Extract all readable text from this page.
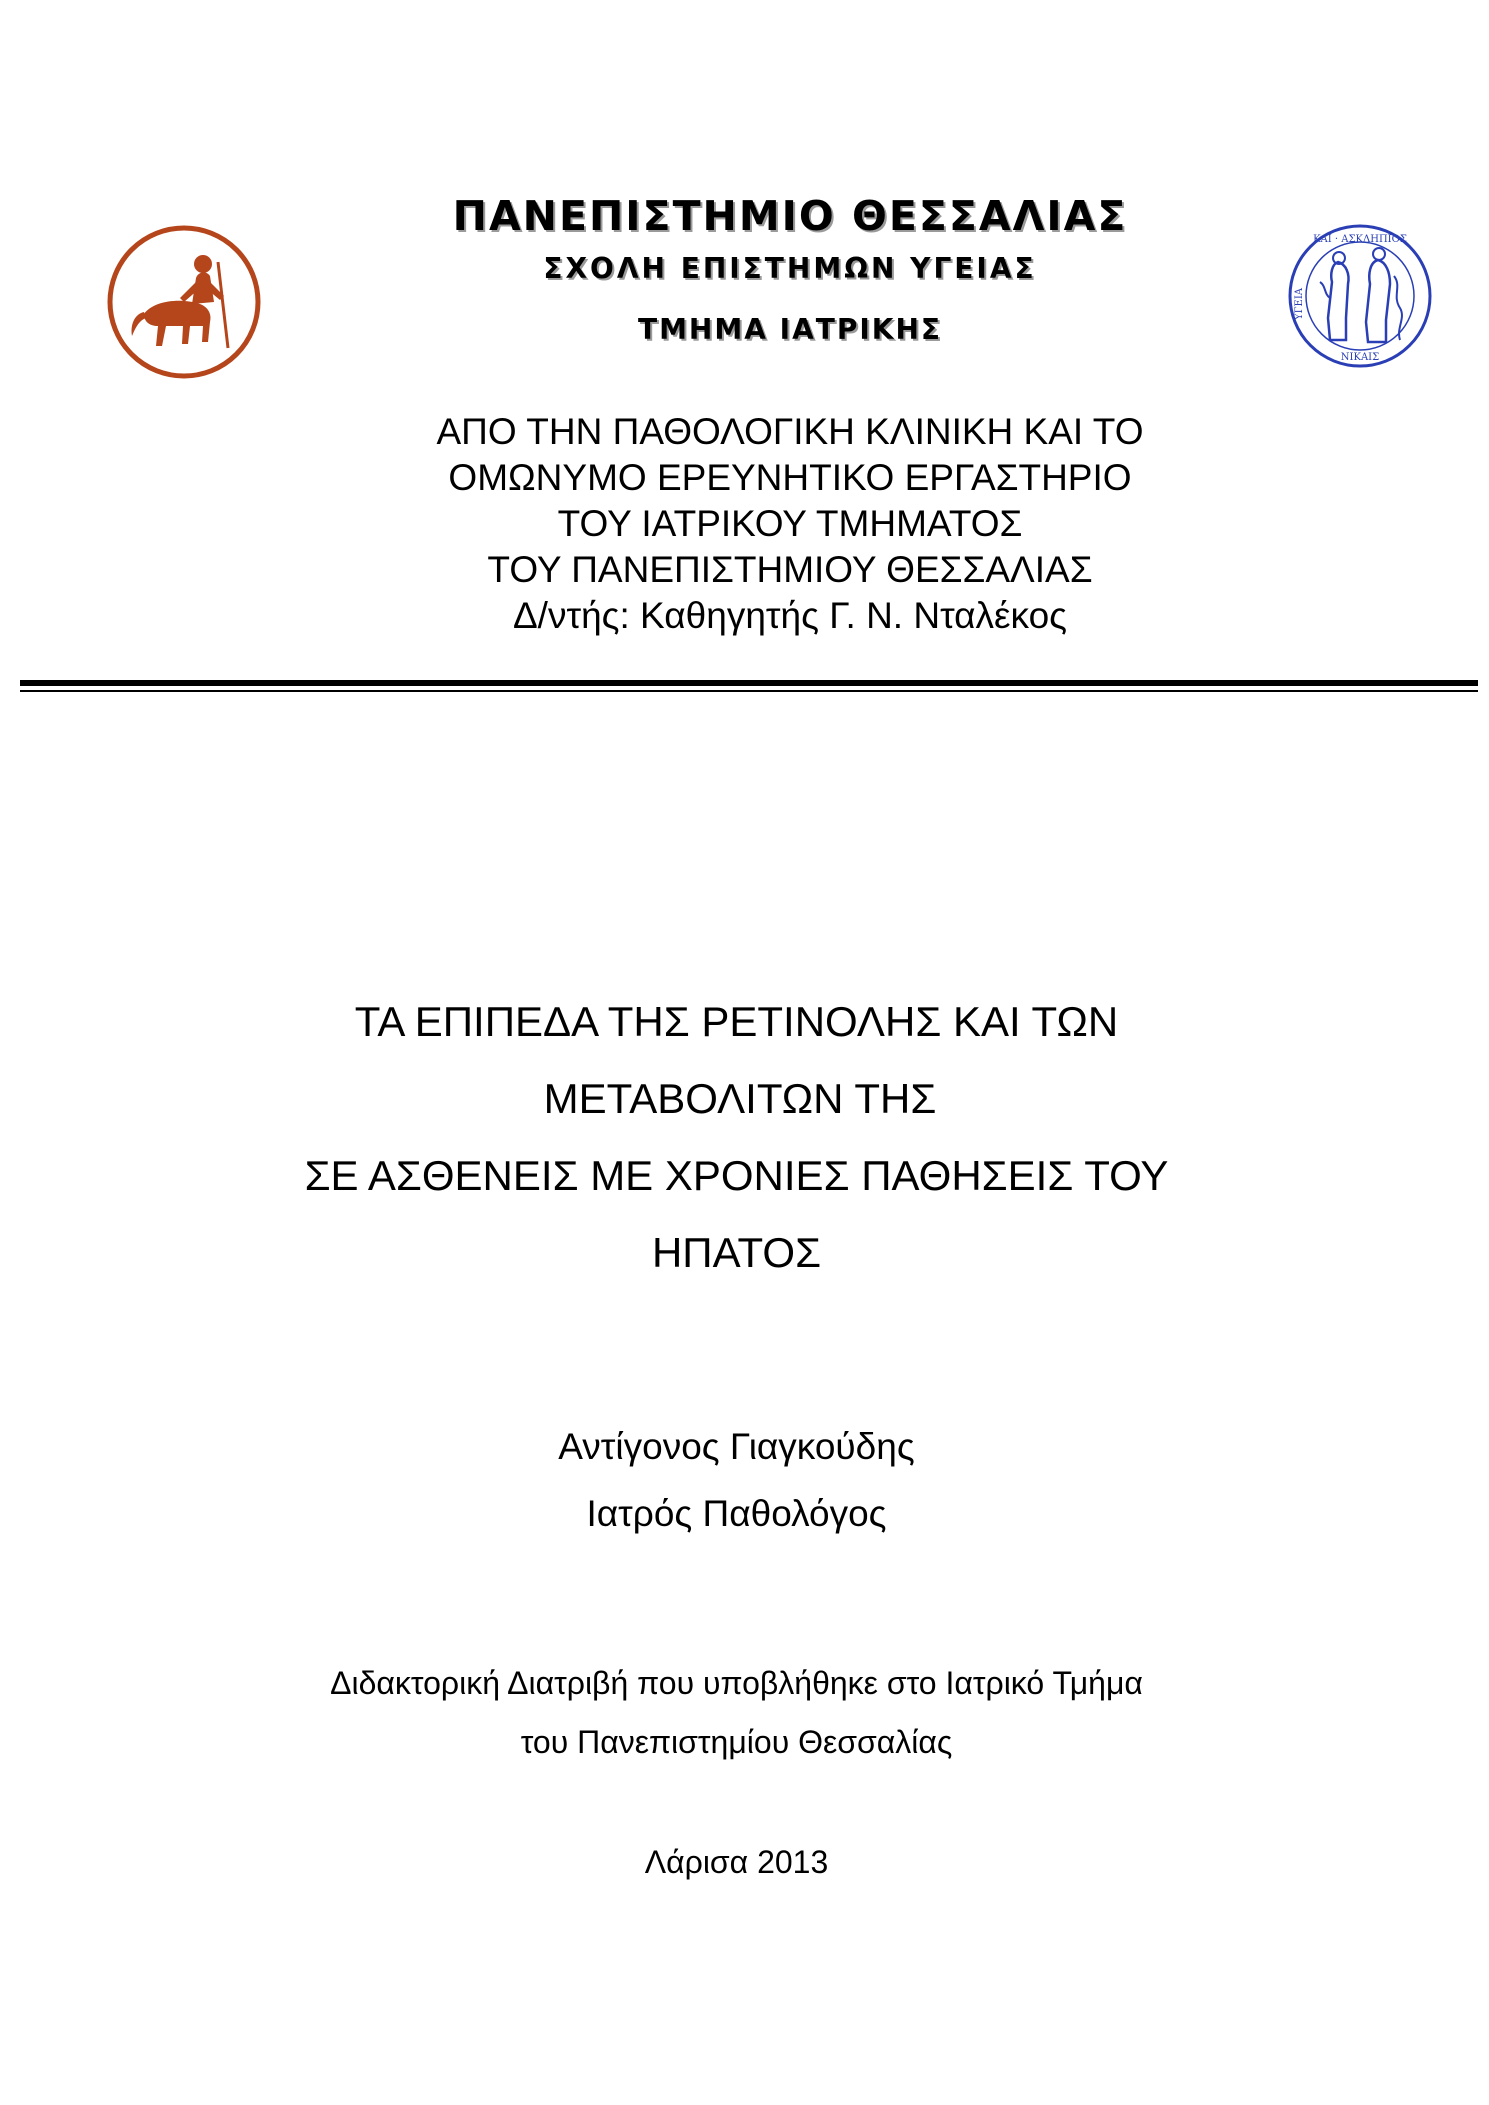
ΚΑΙ · ΑΣΚΛΗΠΙΟΣ
ΝΙΚΑΙΣ
ΥΓΕΙΑ
ΠΑΝΕΠΙΣΤΗΜΙΟ ΘΕΣΣΑΛΙΑΣ
ΣΧΟΛΗ ΕΠΙΣΤΗΜΩΝ ΥΓΕΙΑΣ
ΤΜΗΜΑ ΙΑΤΡΙΚΗΣ
ΑΠΟ ΤΗΝ ΠΑΘΟΛΟΓΙΚΗ ΚΛΙΝΙΚΗ ΚΑΙ ΤΟ
ΟΜΩΝΥΜΟ ΕΡΕΥΝΗΤΙΚΟ ΕΡΓΑΣΤΗΡΙΟ
ΤΟΥ ΙΑΤΡΙΚΟΥ ΤΜΗΜΑΤΟΣ
ΤΟΥ ΠΑΝΕΠΙΣΤΗΜΙΟΥ ΘΕΣΣΑΛΙΑΣ
Δ/ντής: Καθηγητής Γ. Ν. Νταλέκος
ΤΑ ΕΠΙΠΕΔΑ ΤΗΣ ΡΕΤΙΝΟΛΗΣ ΚΑΙ ΤΩΝ
ΜΕΤΑΒΟΛΙΤΩΝ ΤΗΣ
ΣΕ ΑΣΘΕΝΕΙΣ ΜΕ ΧΡΟΝΙΕΣ ΠΑΘΗΣΕΙΣ ΤΟΥ
ΗΠΑΤΟΣ
Αντίγονος Γιαγκούδης
Ιατρός Παθολόγος
Διδακτορική Διατριβή που υποβλήθηκε στο Ιατρικό Τμήμα
του Πανεπιστημίου Θεσσαλίας
Λάρισα 2013
